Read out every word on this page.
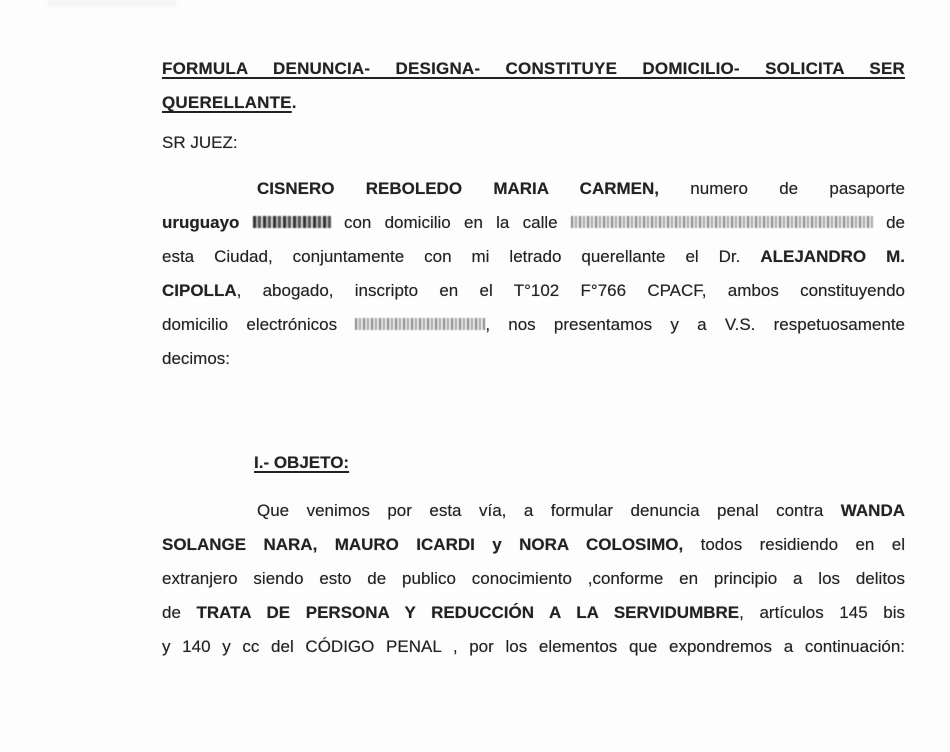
FORMULA DENUNCIA- DESIGNA- CONSTITUYE DOMICILIO- SOLICITA SER
QUERELLANTE.
SR JUEZ:
CISNERO REBOLEDO MARIA CARMEN, numero de pasaporte
uruguayo	con domicilio en la calle	de
esta Ciudad, conjuntamente con mi letrado querellante el Dr. ALEJANDRO M.
CIPOLLA, abogado, inscripto en el T°102 F°766 CPACF, ambos constituyendo
domicilio electrónicos	, nos presentamos y a V.S. respetuosamente
decimos:
I.- OBJETO:
Que venimos por esta vía, a formular denuncia penal contra WANDA
SOLANGE NARA, MAURO ICARDI y NORA COLOSIMO, todos residiendo en el
extranjero siendo esto de publico conocimiento ,conforme en principio a los delitos
de TRATA DE PERSONA Y REDUCCIÓN A LA SERVIDUMBRE, artículos 145 bis
y 140 y cc del CÓDIGO PENAL , por los elementos que expondremos a continuación:
